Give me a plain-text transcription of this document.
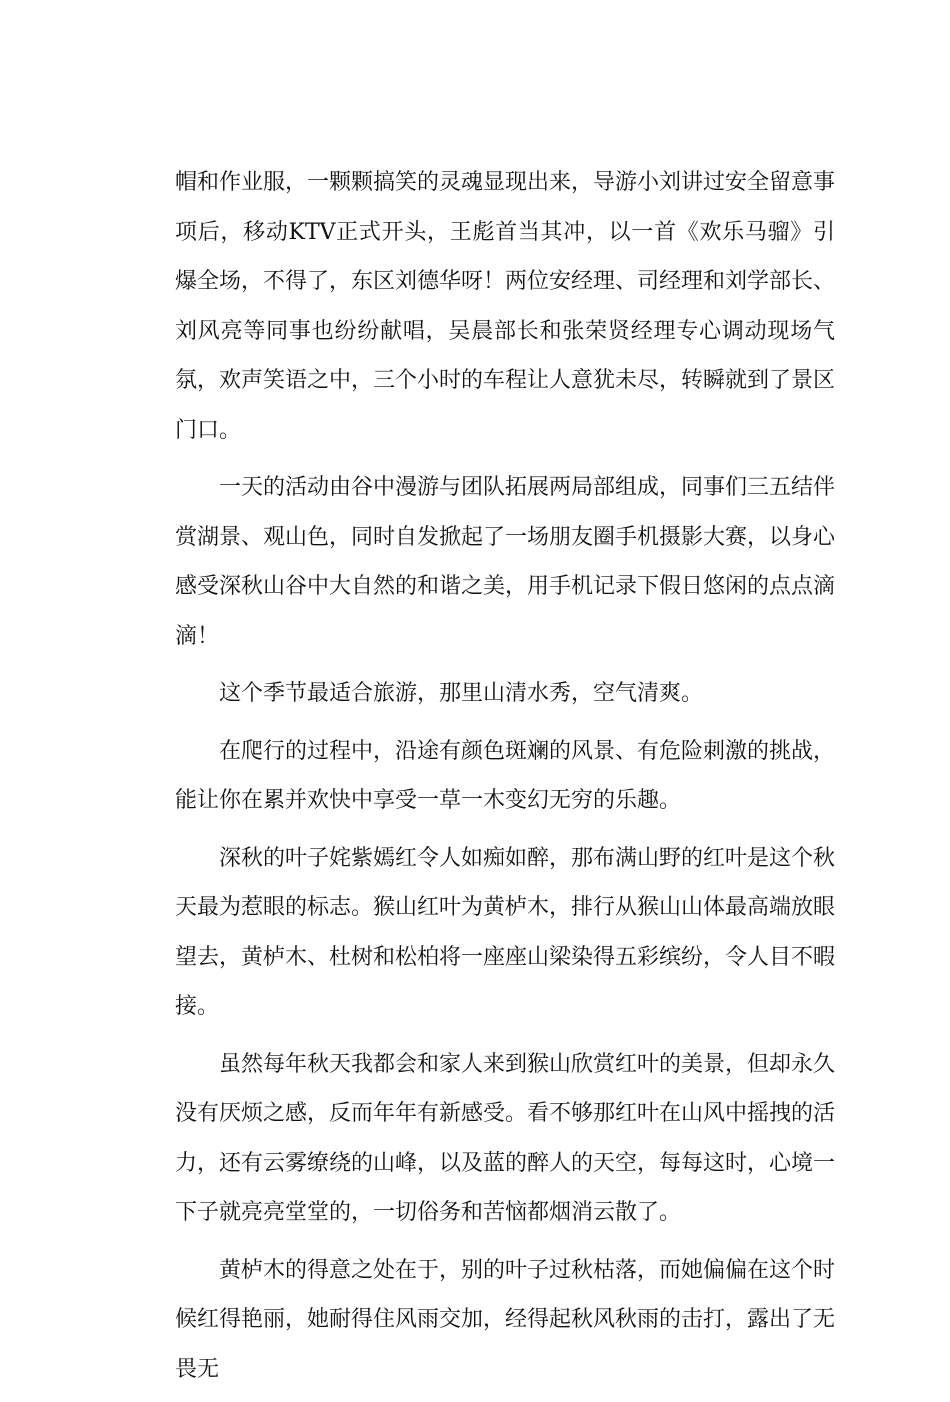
帽和作业服，一颗颗搞笑的灵魂显现出来，导游小刘讲过安全留意事项后，移动KTV正式开头，王彪首当其冲，以一首《欢乐马骝》引爆全场，不得了，东区刘德华呀！两位安经理、司经理和刘学部长、刘风亮等同事也纷纷献唱，吴晨部长和张荣贤经理专心调动现场气氛，欢声笑语之中，三个小时的车程让人意犹未尽，转瞬就到了景区门口。

一天的活动由谷中漫游与团队拓展两局部组成，同事们三五结伴赏湖景、观山色，同时自发掀起了一场朋友圈手机摄影大赛，以身心感受深秋山谷中大自然的和谐之美，用手机记录下假日悠闲的点点滴滴！

这个季节最适合旅游，那里山清水秀，空气清爽。

在爬行的过程中，沿途有颜色斑斓的风景、有危险刺激的挑战，能让你在累并欢快中享受一草一木变幻无穷的乐趣。

深秋的叶子姹紫嫣红令人如痴如醉，那布满山野的红叶是这个秋天最为惹眼的标志。猴山红叶为黄栌木，排行从猴山山体最高端放眼望去，黄栌木、杜树和松柏将一座座山梁染得五彩缤纷，令人目不暇接。

虽然每年秋天我都会和家人来到猴山欣赏红叶的美景，但却永久没有厌烦之感，反而年年有新感受。看不够那红叶在山风中摇拽的活力，还有云雾缭绕的山峰，以及蓝的醉人的天空，每每这时，心境一下子就亮亮堂堂的，一切俗务和苦恼都烟消云散了。

黄栌木的得意之处在于，别的叶子过秋枯落，而她偏偏在这个时候红得艳丽，她耐得住风雨交加，经得起秋风秋雨的击打，露出了无畏无
